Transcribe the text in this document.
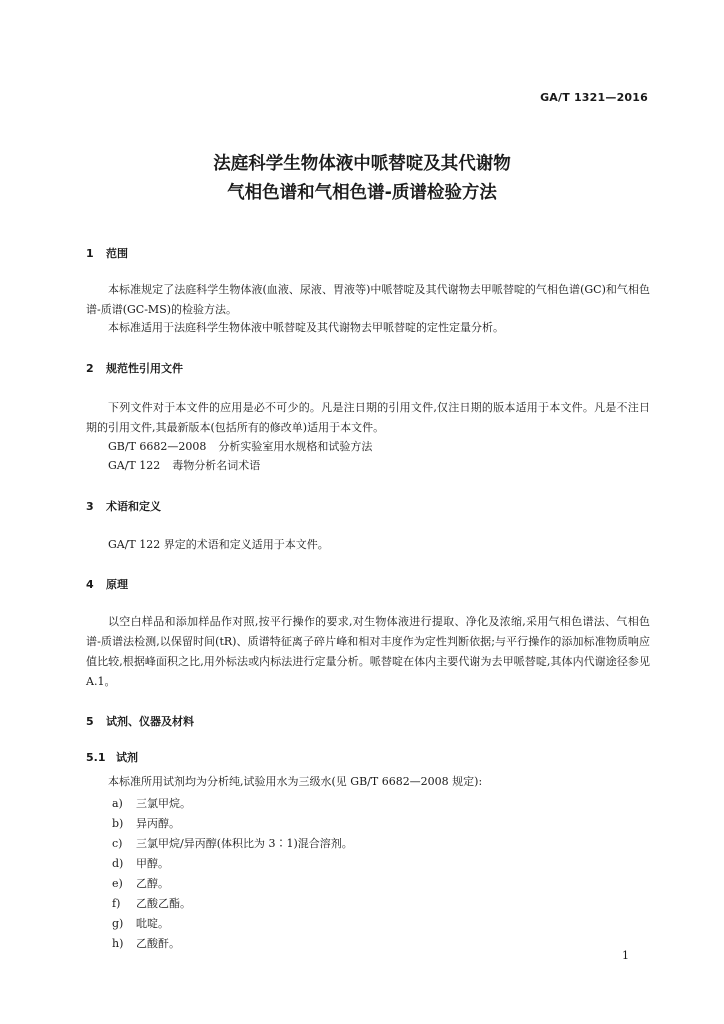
GA/T 1321—2016
法庭科学生物体液中哌替啶及其代谢物
气相色谱和气相色谱-质谱检验方法
1 范围

本标准规定了法庭科学生物体液(血液、尿液、胃液等)中哌替啶及其代谢物去甲哌替啶的气相色谱(GC)和气相色谱-质谱(GC-MS)的检验方法。

本标准适用于法庭科学生物体液中哌替啶及其代谢物去甲哌替啶的定性定量分析。

2 规范性引用文件

下列文件对于本文件的应用是必不可少的。凡是注日期的引用文件,仅注日期的版本适用于本文件。凡是不注日期的引用文件,其最新版本(包括所有的修改单)适用于本文件。

GB/T 6682—2008 分析实验室用水规格和试验方法
GA/T 122 毒物分析名词术语
3 术语和定义

GA/T 122 界定的术语和定义适用于本文件。

4 原理

以空白样品和添加样品作对照,按平行操作的要求,对生物体液进行提取、净化及浓缩,采用气相色谱法、气相色谱-质谱法检测,以保留时间(tR)、质谱特征离子碎片峰和相对丰度作为定性判断依据;与平行操作的添加标准物质响应值比较,根据峰面积之比,用外标法或内标法进行定量分析。哌替啶在体内主要代谢为去甲哌替啶,其体内代谢途径参见 A.1。

5 试剂、仪器及材料
5.1 试剂

本标准所用试剂均为分析纯,试验用水为三级水(见 GB/T 6682—2008 规定):

a) 三氯甲烷。
b) 异丙醇。
c) 三氯甲烷/异丙醇(体积比为 3∶1)混合溶剂。
d) 甲醇。
e) 乙醇。
f) 乙酸乙酯。
g) 吡啶。
h) 乙酸酐。
1
